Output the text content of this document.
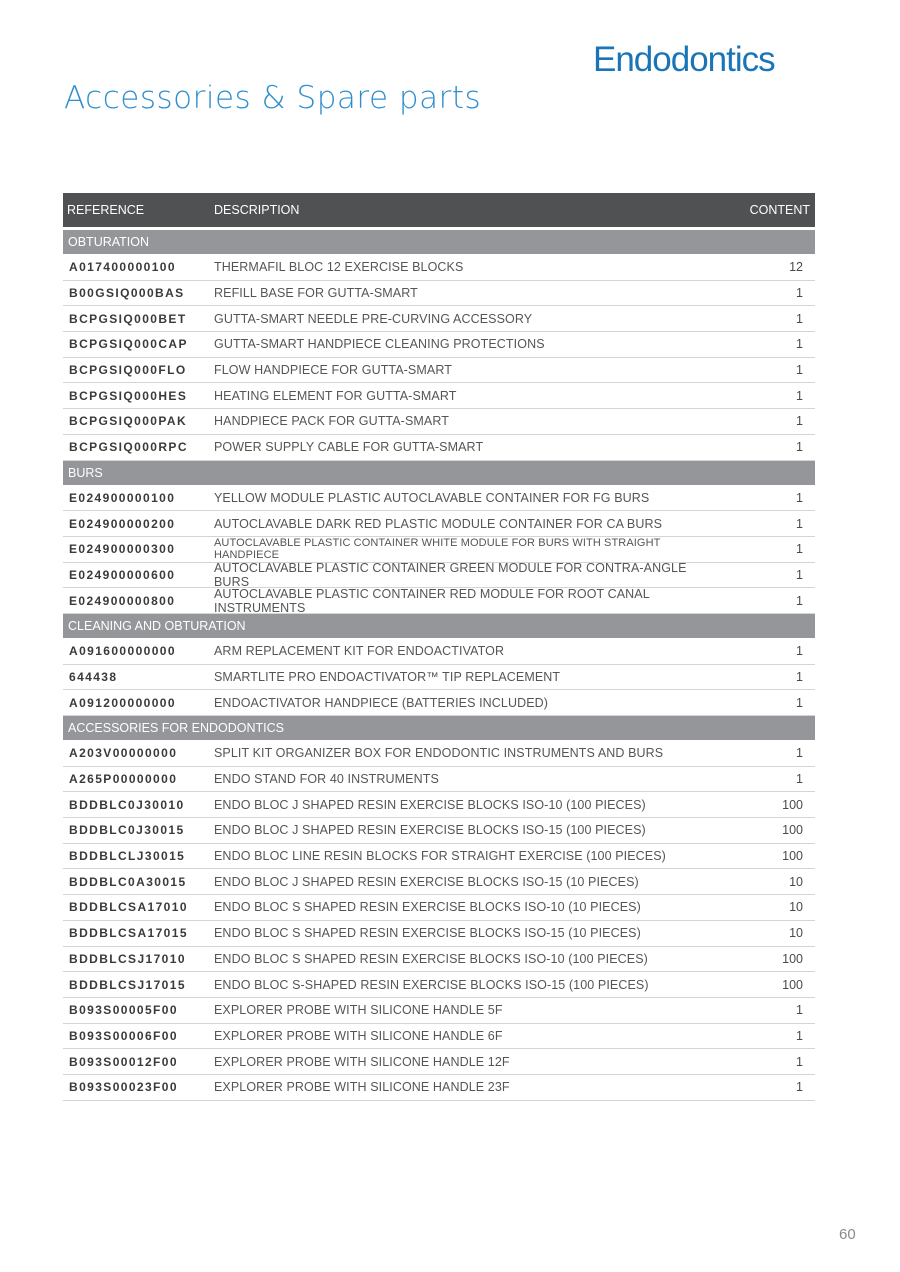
Endodontics
Accessories & Spare parts
REFERENCE	DESCRIPTION	CONTENT
OBTURATION
A017400000100	THERMAFIL BLOC 12 EXERCISE BLOCKS	12
B00GSIQ000BAS	REFILL BASE FOR GUTTA-SMART	1
BCPGSIQ000BET	GUTTA-SMART NEEDLE PRE-CURVING ACCESSORY	1
BCPGSIQ000CAP	GUTTA-SMART HANDPIECE CLEANING PROTECTIONS	1
BCPGSIQ000FLO	FLOW HANDPIECE FOR GUTTA-SMART	1
BCPGSIQ000HES	HEATING ELEMENT FOR GUTTA-SMART	1
BCPGSIQ000PAK	HANDPIECE PACK FOR GUTTA-SMART	1
BCPGSIQ000RPC	POWER SUPPLY CABLE FOR GUTTA-SMART	1
BURS
E024900000100	YELLOW MODULE PLASTIC AUTOCLAVABLE CONTAINER FOR FG BURS	1
E024900000200	AUTOCLAVABLE DARK RED PLASTIC MODULE CONTAINER FOR CA BURS	1
E024900000300	AUTOCLAVABLE PLASTIC CONTAINER WHITE MODULE FOR BURS WITH STRAIGHT HANDPIECE	1
E024900000600	AUTOCLAVABLE PLASTIC CONTAINER GREEN MODULE FOR CONTRA-ANGLE BURS	1
E024900000800	AUTOCLAVABLE PLASTIC CONTAINER RED MODULE FOR ROOT CANAL INSTRUMENTS	1
CLEANING AND OBTURATION
A091600000000	ARM REPLACEMENT KIT FOR ENDOACTIVATOR	1
644438	SMARTLITE PRO ENDOACTIVATOR™ TIP REPLACEMENT	1
A091200000000	ENDOACTIVATOR HANDPIECE (BATTERIES INCLUDED)	1
ACCESSORIES FOR ENDODONTICS
A203V00000000	SPLIT KIT ORGANIZER BOX FOR ENDODONTIC INSTRUMENTS AND BURS	1
A265P00000000	ENDO STAND FOR 40 INSTRUMENTS	1
BDDBLC0J30010	ENDO BLOC J SHAPED RESIN EXERCISE BLOCKS ISO-10 (100 PIECES)	100
BDDBLC0J30015	ENDO BLOC J SHAPED RESIN EXERCISE BLOCKS ISO-15 (100 PIECES)	100
BDDBLCLJ30015	ENDO BLOC LINE RESIN BLOCKS FOR STRAIGHT EXERCISE (100 PIECES)	100
BDDBLC0A30015	ENDO BLOC J SHAPED RESIN EXERCISE BLOCKS ISO-15 (10 PIECES)	10
BDDBLCSA17010	ENDO BLOC S SHAPED RESIN EXERCISE BLOCKS ISO-10 (10 PIECES)	10
BDDBLCSA17015	ENDO BLOC S SHAPED RESIN EXERCISE BLOCKS ISO-15 (10 PIECES)	10
BDDBLCSJ17010	ENDO BLOC S SHAPED RESIN EXERCISE BLOCKS ISO-10 (100 PIECES)	100
BDDBLCSJ17015	ENDO BLOC S-SHAPED RESIN EXERCISE BLOCKS ISO-15 (100 PIECES)	100
B093S00005F00	EXPLORER PROBE WITH SILICONE HANDLE 5F	1
B093S00006F00	EXPLORER PROBE WITH SILICONE HANDLE 6F	1
B093S00012F00	EXPLORER PROBE WITH SILICONE HANDLE 12F	1
B093S00023F00	EXPLORER PROBE WITH SILICONE HANDLE 23F	1
60
